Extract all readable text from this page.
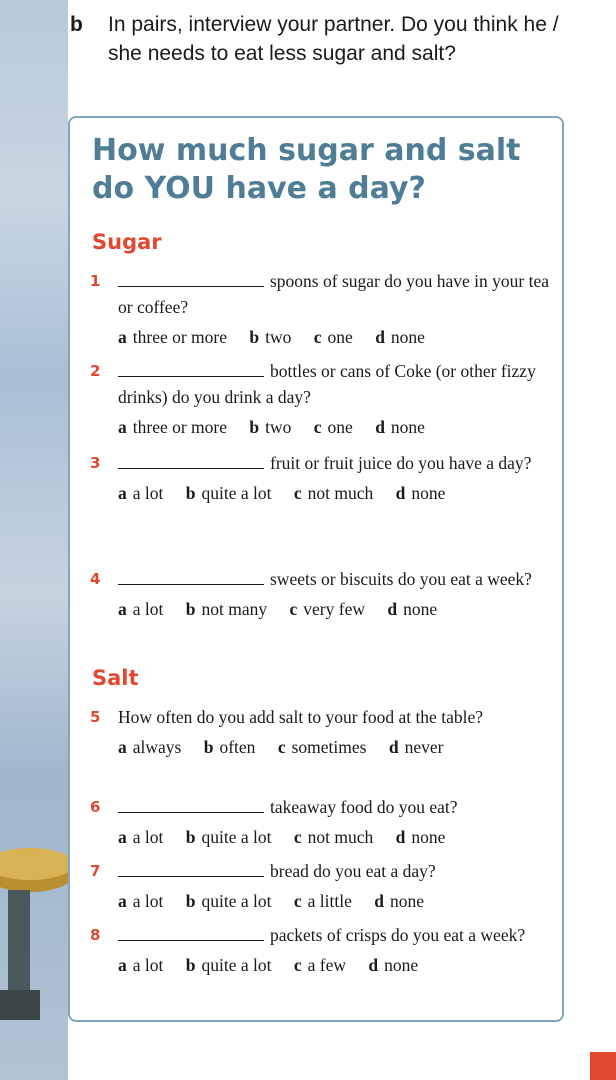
b In pairs, interview your partner. Do you think he / she needs to eat less sugar and salt?
How much sugar and salt do YOU have a day?
Sugar
1	spoons of sugar do you have in your tea or coffee?
a three or more b two c one d none
2	bottles or cans of Coke (or other fizzy drinks) do you drink a day?
a three or more b two c one d none
3	fruit or fruit juice do you have a day?
a a lot b quite a lot c not much d none
4	sweets or biscuits do you eat a week?
a a lot b not many c very few d none
Salt
5 How often do you add salt to your food at the table?
a always b often c sometimes d never
6	takeaway food do you eat?
a a lot b quite a lot c not much d none
7	bread do you eat a day?
a a lot b quite a lot c a little d none
8	packets of crisps do you eat a week?
a a lot b quite a lot c a few d none
